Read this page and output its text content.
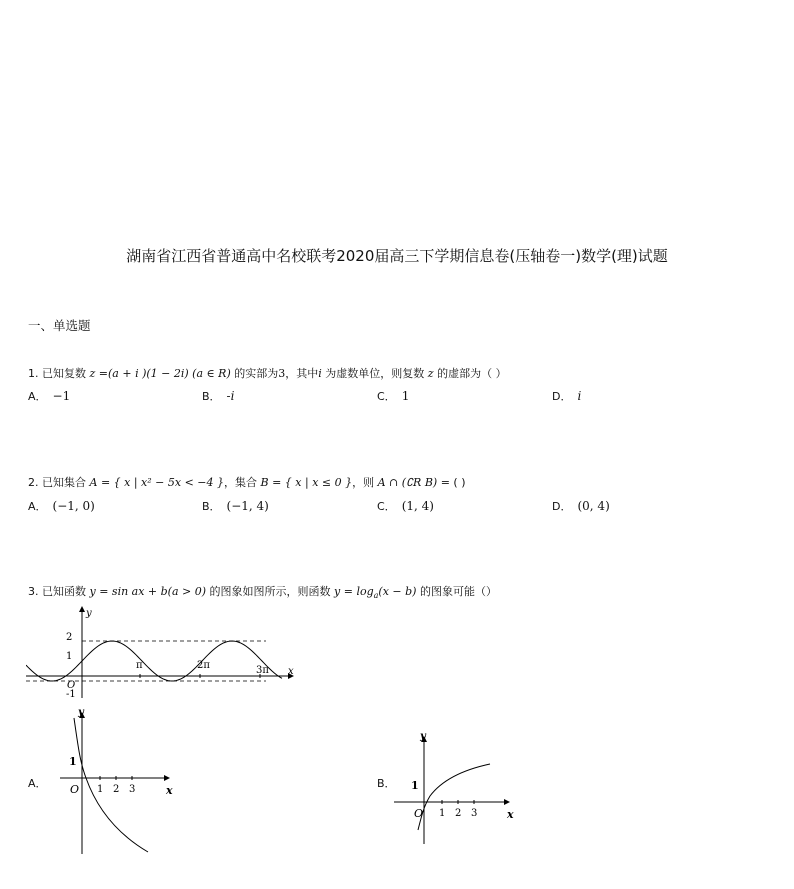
湖南省江西省普通高中名校联考2020届高三下学期信息卷(压轴卷一)数学(理)试题
一、单选题
1. 已知复数 z =(a + i )(1 − 2i) (a ∈ R) 的实部为3，其中i 为虚数单位，则复数 z 的虚部为（ ）
A． −1	B． -i	C． 1	D． i
2. 已知集合 A = { x | x² − 5x < −4 }，集合 B = { x | x ≤ 0 }，则 A ∩ (∁R B) = ( )
A． (−1, 0)	B． (−1, 4)	C． (1, 4)	D． (0, 4)
3. 已知函数 y = sin ax + b(a > 0) 的图象如图所示，则函数 $y = \log_a(x - b)$ 的图象可能（）
y
x
O
2
1
-1
π	2π	3π
A．
y
x
O
1
1 2 3	B．
y
x
O
1
1 2 3
